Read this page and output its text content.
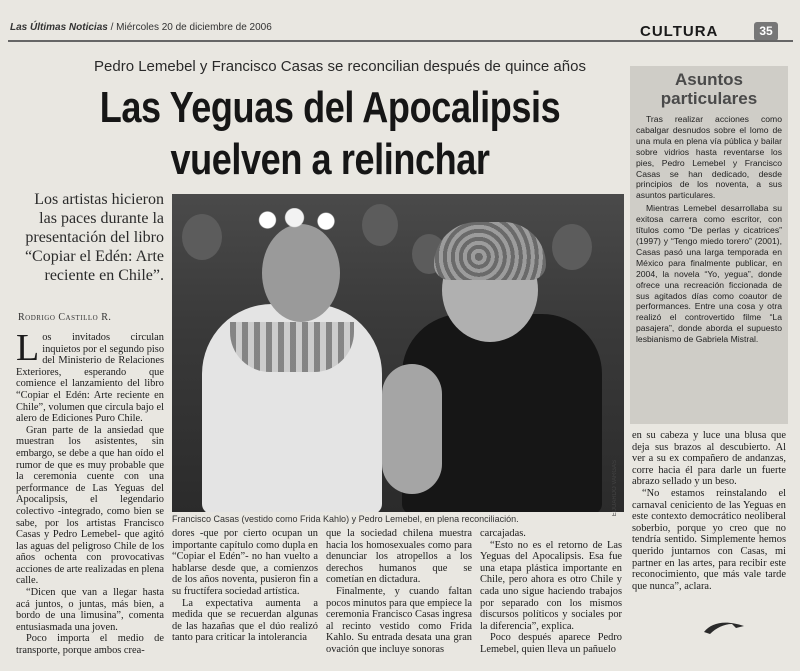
Las Últimas Noticias / Miércoles 20 de diciembre de 2006	CULTURA	35
Pedro Lemebel y Francisco Casas se reconcilian después de quince años
Las Yeguas del Apocalipsis
vuelven a relinchar
Los artistas hicieron las paces durante la presentación del libro “Copiar el Edén: Arte reciente en Chile”.
Rodrigo Castillo R.
EDUARDO VARGAS
Francisco Casas (vestido como Frida Kahlo) y Pedro Lemebel, en plena reconciliación.
Asuntos
particulares

Tras realizar acciones como cabalgar desnudos sobre el lomo de una mula en plena vía pública y bailar sobre vidrios hasta reventarse los pies, Pedro Lemebel y Francisco Casas se han dedicado, desde principios de los noventa, a sus asuntos particulares.

Mientras Lemebel desarrollaba su exitosa carrera como escritor, con títulos como “De perlas y cicatrices” (1997) y “Tengo miedo torero” (2001), Casas pasó una larga temporada en México para finalmente publicar, en 2004, la novela “Yo, yegua”, donde ofrece una recreación ficcionada de sus agitados días como coautor de performances. Entre una cosa y otra realizó el controvertido filme “La pasajera”, donde aborda el supuesto lesbianismo de Gabriela Mistral.

Los invitados circulan inquietos por el segundo piso del Ministerio de Relaciones Exteriores, esperando que comience el lanzamiento del libro “Copiar el Edén: Arte reciente en Chile”, volumen que circula bajo el alero de Ediciones Puro Chile.

Gran parte de la ansiedad que muestran los asistentes, sin embargo, se debe a que han oído el rumor de que es muy probable que la ceremonia cuente con una performance de Las Yeguas del Apocalipsis, el legendario colectivo -integrado, como bien se sabe, por los artistas Francisco Casas y Pedro Lemebel- que agitó las aguas del peligroso Chile de los años ochenta con provocativas acciones de arte realizadas en plena calle.

“Dicen que van a llegar hasta acá juntos, o juntas, más bien, a bordo de una limusina”, comenta entusiasmada una joven.

Poco importa el medio de transporte, porque ambos crea-

dores -que por cierto ocupan un importante capítulo como dupla en “Copiar el Edén”- no han vuelto a hablarse desde que, a comienzos de los años noventa, pusieron fin a su fructífera sociedad artística.

La expectativa aumenta a medida que se recuerdan algunas de las hazañas que el dúo realizó tanto para criticar la intolerancia

que la sociedad chilena muestra hacia los homosexuales como para denunciar los atropellos a los derechos humanos que se cometían en dictadura.

Finalmente, y cuando faltan pocos minutos para que empiece la ceremonia Francisco Casas ingresa al recinto vestido como Frida Kahlo. Su entrada desata una gran ovación que incluye sonoras

carcajadas.

“Esto no es el retorno de Las Yeguas del Apocalipsis. Esa fue una etapa plástica importante en Chile, pero ahora es otro Chile y cada uno sigue haciendo trabajos por separado con los mismos discursos políticos y sociales por la diferencia”, explica.

Poco después aparece Pedro Lemebel, quien lleva un pañuelo

en su cabeza y luce una blusa que deja sus brazos al descubierto. Al ver a su ex compañero de andanzas, corre hacia él para darle un fuerte abrazo sellado y un beso.

“No estamos reinstalando el carnaval ceniciento de las Yeguas en este contexto democrático neoliberal soberbio, porque yo creo que no tendría sentido. Simplemente hemos querido juntarnos con Casas, mi partner en las artes, para recibir este reconocimiento, que más vale tarde que nunca”, aclara.
